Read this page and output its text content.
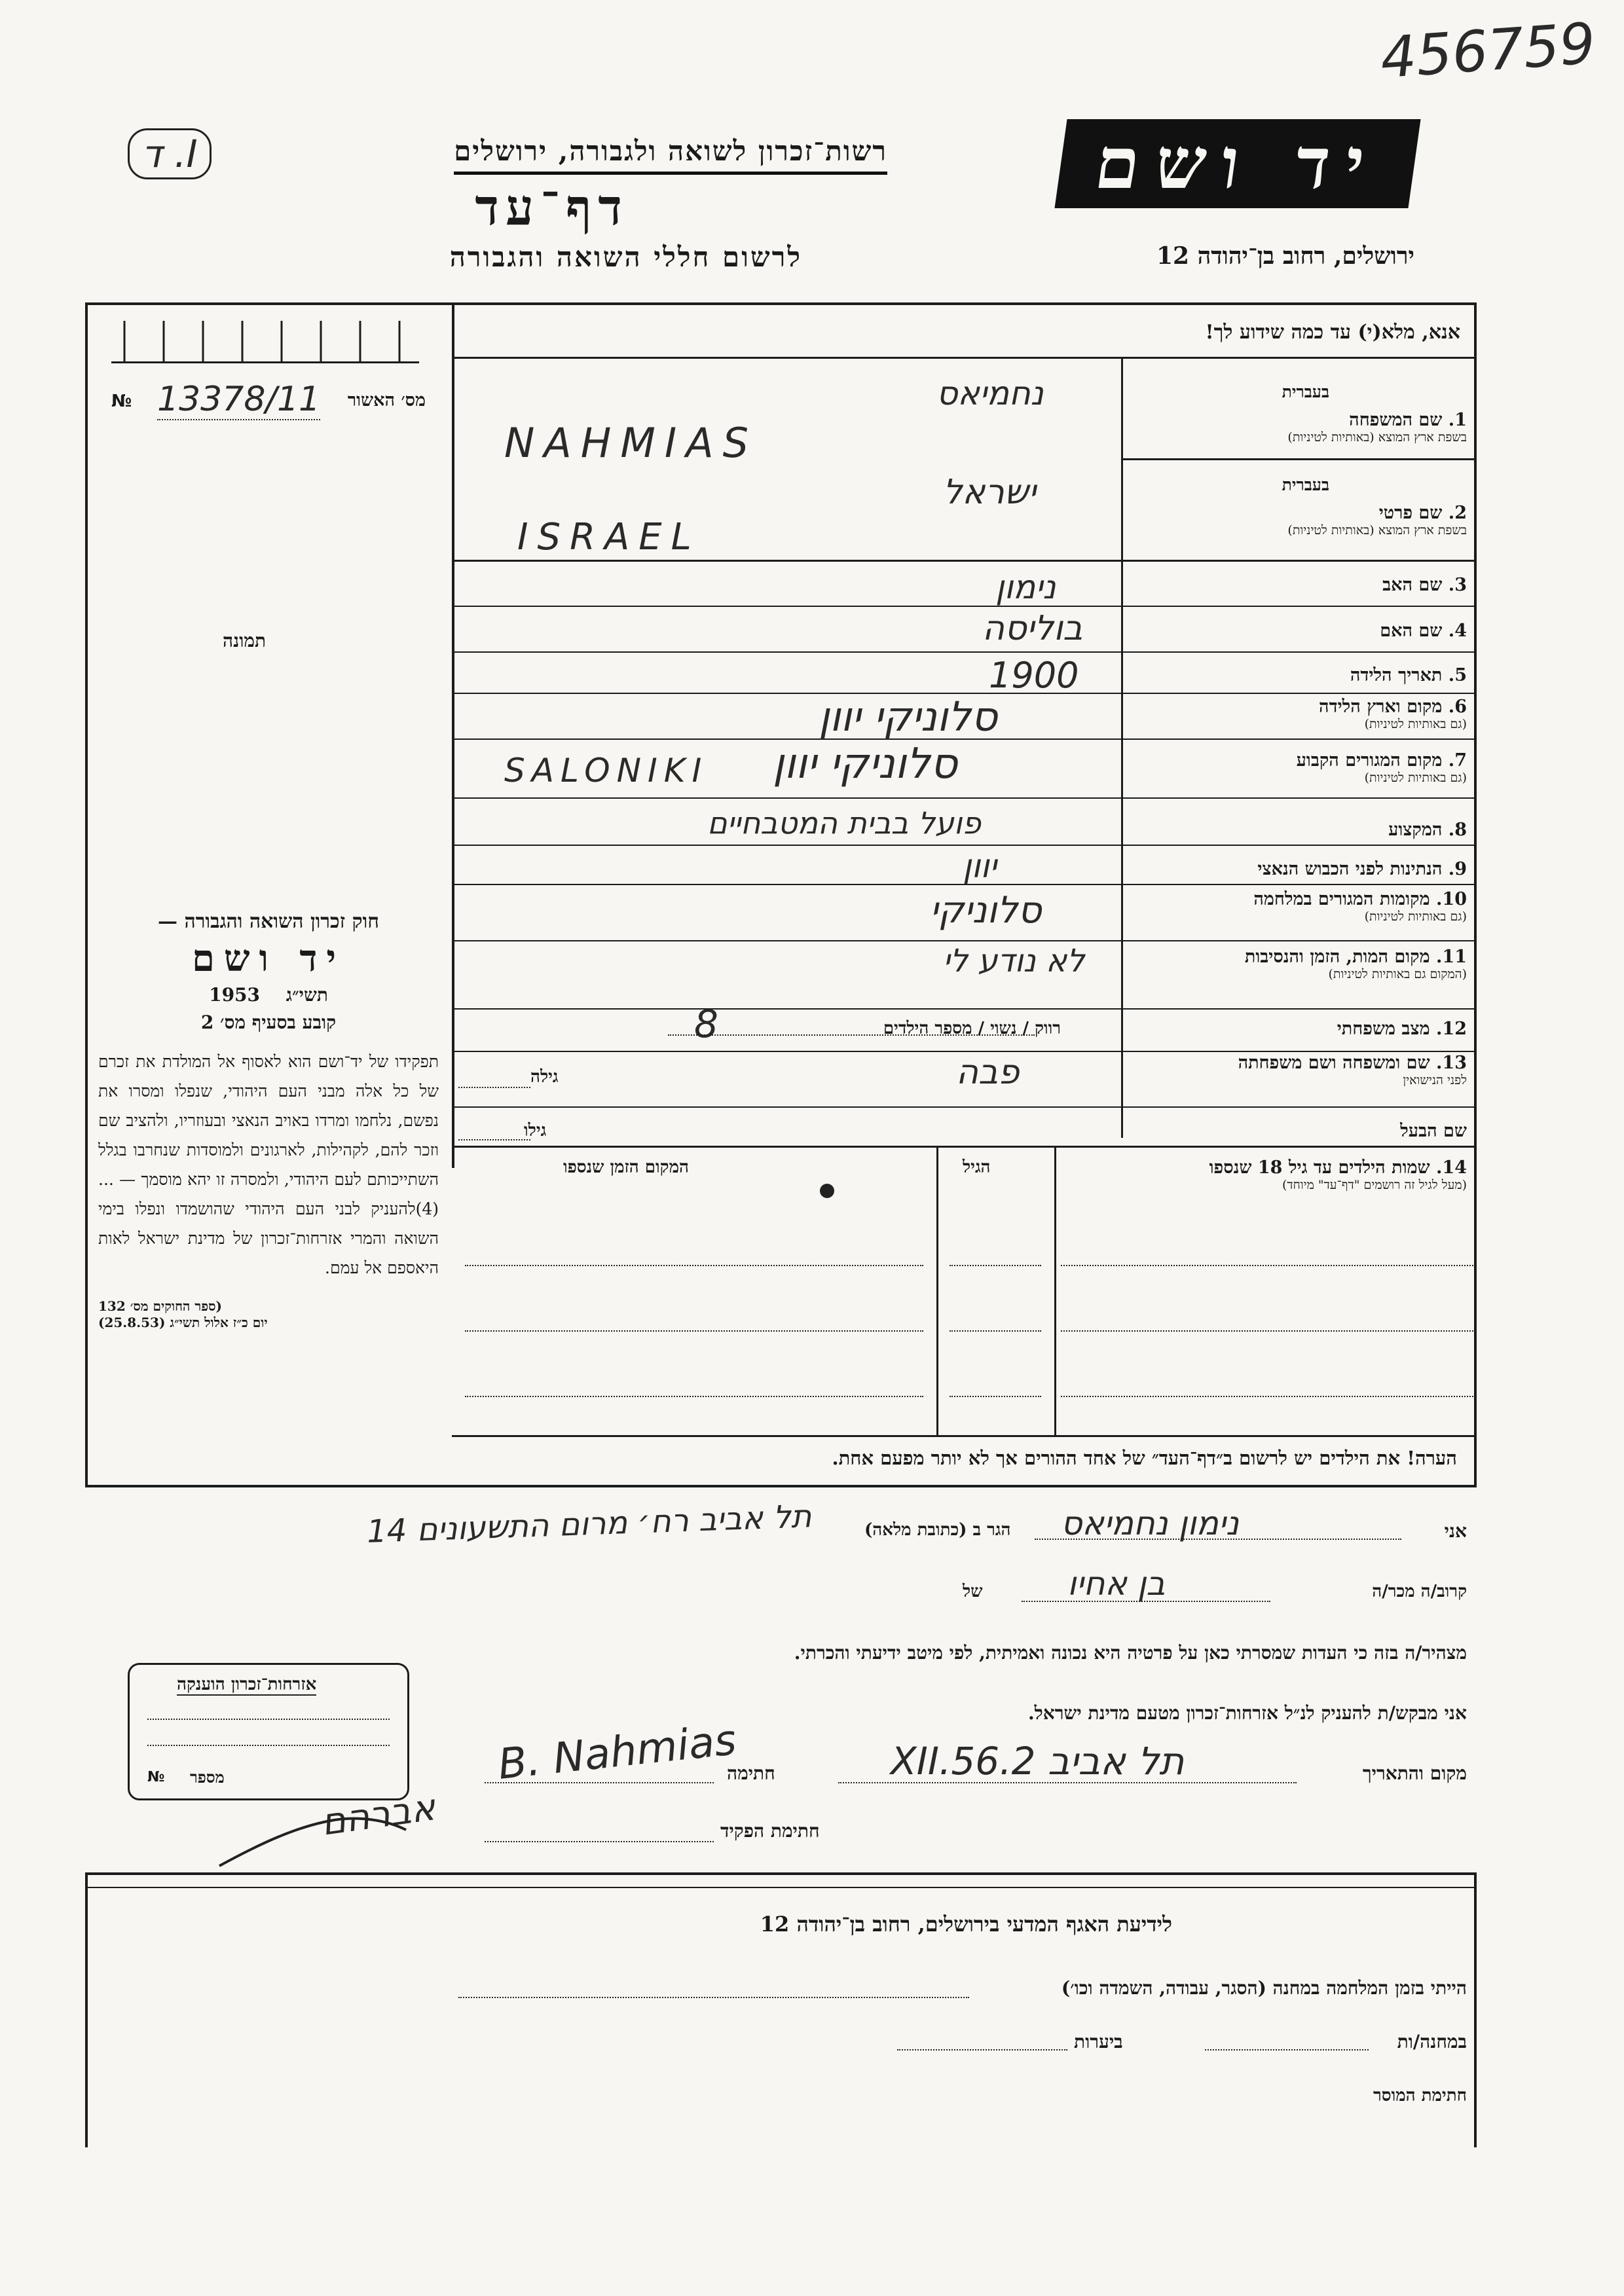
456759
יד ושם
רשות־זכרון לשואה ולגבורה, ירושלים
ד .I
דף־עד
לרשום חללי השואה והגבורה	ירושלים, רחוב בן־יהודה 12
אנא, מלא(י) עד כמה שידוע לך!
№ 13378/11 מס׳ האשור
תמונה
בעברית
1. שם המשפחה
בשפת ארץ המוצא (באותיות לטיניות)
בעברית
2. שם פרטי
בשפת ארץ המוצא (באותיות לטיניות)
3. שם האב
4. שם האם
5. תאריך הלידה
6. מקום וארץ הלידה
(גם באותיות לטיניות)
7. מקום המגורים הקבוע
(גם באותיות לטיניות)
8. המקצוע
9. הנתינות לפני הכבוש הנאצי
10. מקומות המגורים במלחמה
(גם באותיות לטיניות)
11. מקום המות, הזמן והנסיבות
(המקום גם באותיות לטיניות)
12. מצב משפחתי
13. שם ומשפחה ושם משפחתה
לפני הנישואין
שם הבעל
נחמיאס
NAHMIAS
ישראל
ISRAEL
נימון
בוליסה
1900
סלוניקי יוון
SALONIKI סלוניקי יוון
פועל בבית המטבחיים
יוון
סלוניקי
לא נודע לי
רווק / נשוי / מספר הילדים
8
פבה
גילה
גילו
חוק זכרון השואה והגבורה —
יד ושם
תשי״ג 1953
קובע בסעיף מס׳ 2
תפקידו של יד־ושם הוא לאסוף אל המולדת את זכרם של כל אלה מבני העם היהודי, שנפלו ומסרו את נפשם, נלחמו ומרדו באויב הנאצי ובעוזריו, ולהציב שם וזכר להם, לקהילות, לארגונים ולמוסדות שנחרבו בגלל השתייכותם לעם היהודי, ולמסרה זו יהא מוסמך — ...(4)להעניק לבני העם היהודי שהושמדו ונפלו בימי השואה והמרי אזרחות־זכרון של מדינת ישראל לאות היאספם אל עמם.
(ספר החוקים מס׳ 132
יום כ״ז אלול תשי״ג (25.8.53)
14. שמות הילדים עד גיל 18 שנספו
(מעל לגיל זה רושמים "דף־עד" מיוחד)
הגיל
המקום הזמן שנספו
הערה! את הילדים יש לרשום ב״דף־העד״ של אחד ההורים אך לא יותר מפעם אחת.
אני
נימון נחמיאס
הגר ב (כתובת מלאה)
תל אביב רח׳ מרום התשעונים 14
קרוב/ה מכר/ה
בן אחיו
של
מצהיר/ה בזה כי העדות שמסרתי כאן על פרטיה היא נכונה ואמיתית, לפי מיטב ידיעתי והכרתי.
אני מבקש/ת להעניק לנ״ל אזרחות־זכרון מטעם מדינת ישראל.
מקום והתאריך
תל אביב 2.XII.56
חתימה
B. Nahmias
חתימת הפקיד
אברהם
אזרחות־זכרון הוענקה
מספר
№
לידיעת האגף המדעי בירושלים, רחוב בן־יהודה 12
הייתי בזמן המלחמה במחנה (הסגר, עבודה, השמדה וכו׳)
במחנה/ות
ביערות
חתימת המוסר
